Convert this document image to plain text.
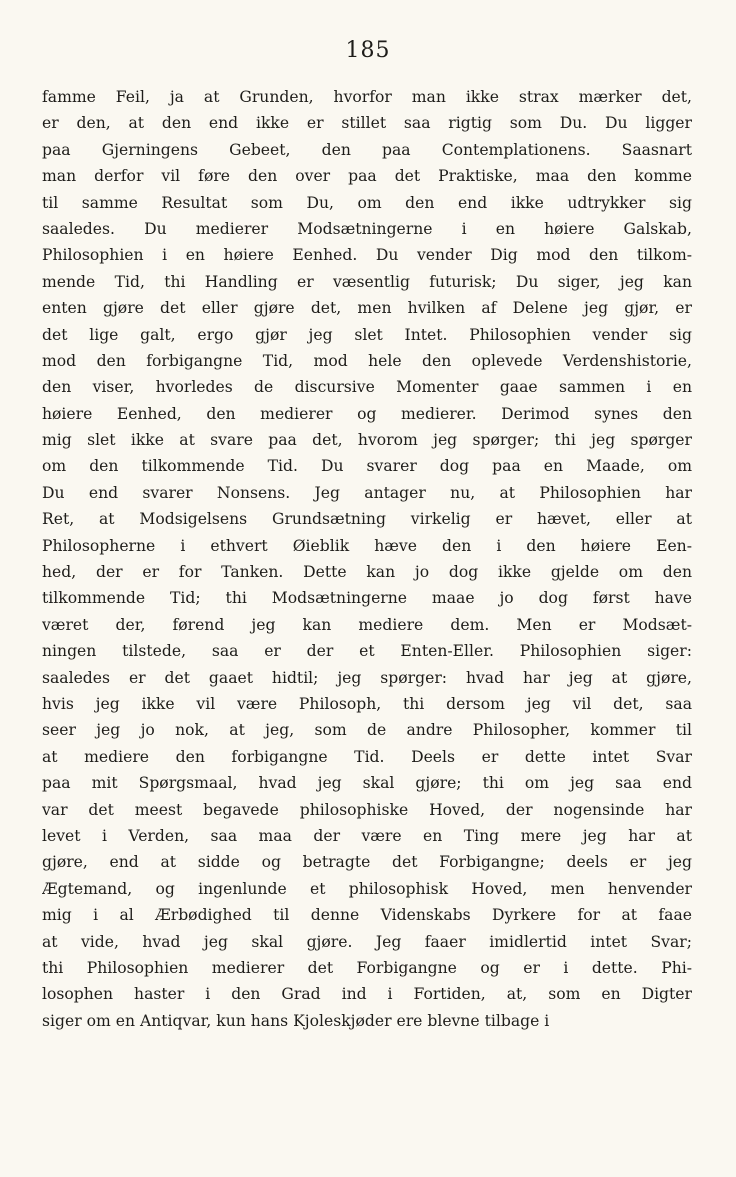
185
famme Feil, ja at Grunden, hvorfor man ikke strax mærker det,
er den, at den end ikke er stillet saa rigtig som Du. Du ligger
paa Gjerningens Gebeet, den paa Contemplationens. Saasnart
man derfor vil føre den over paa det Praktiske, maa den komme
til samme Resultat som Du, om den end ikke udtrykker sig
saaledes. Du medierer Modsætningerne i en høiere Galskab,
Philosophien i en høiere Eenhed. Du vender Dig mod den tilkom-
mende Tid, thi Handling er væsentlig futurisk; Du siger, jeg kan
enten gjøre det eller gjøre det, men hvilken af Delene jeg gjør, er
det lige galt, ergo gjør jeg slet Intet. Philosophien vender sig
mod den forbigangne Tid, mod hele den oplevede Verdenshistorie,
den viser, hvorledes de discursive Momenter gaae sammen i en
høiere Eenhed, den medierer og medierer. Derimod synes den
mig slet ikke at svare paa det, hvorom jeg spørger; thi jeg spørger
om den tilkommende Tid. Du svarer dog paa en Maade, om
Du end svarer Nonsens. Jeg antager nu, at Philosophien har
Ret, at Modsigelsens Grundsætning virkelig er hævet, eller at
Philosopherne i ethvert Øieblik hæve den i den høiere Een-
hed, der er for Tanken. Dette kan jo dog ikke gjelde om den
tilkommende Tid; thi Modsætningerne maae jo dog først have
været der, førend jeg kan mediere dem. Men er Modsæt-
ningen tilstede, saa er der et Enten-Eller. Philosophien siger:
saaledes er det gaaet hidtil; jeg spørger: hvad har jeg at gjøre,
hvis jeg ikke vil være Philosoph, thi dersom jeg vil det, saa
seer jeg jo nok, at jeg, som de andre Philosopher, kommer til
at mediere den forbigangne Tid. Deels er dette intet Svar
paa mit Spørgsmaal, hvad jeg skal gjøre; thi om jeg saa end
var det meest begavede philosophiske Hoved, der nogensinde har
levet i Verden, saa maa der være en Ting mere jeg har at
gjøre, end at sidde og betragte det Forbigangne; deels er jeg
Ægtemand, og ingenlunde et philosophisk Hoved, men henvender
mig i al Ærbødighed til denne Videnskabs Dyrkere for at faae
at vide, hvad jeg skal gjøre. Jeg faaer imidlertid intet Svar;
thi Philosophien medierer det Forbigangne og er i dette. Phi-
losophen haster i den Grad ind i Fortiden, at, som en Digter
siger om en Antiqvar, kun hans Kjoleskjøder ere blevne tilbage i
